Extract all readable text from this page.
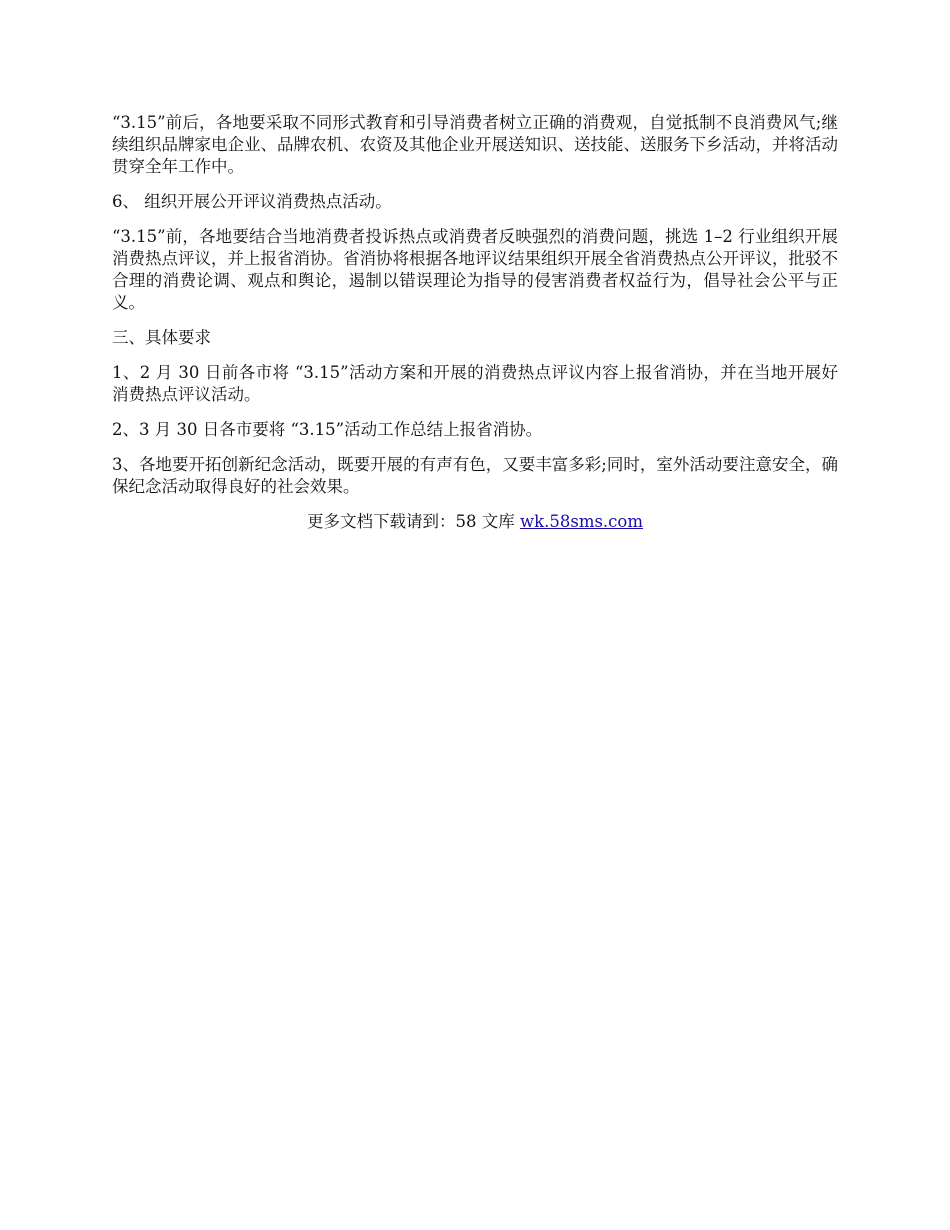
“3.15”前后，各地要采取不同形式教育和引导消费者树立正确的消费观，自觉抵制不良消费风气;继续组织品牌家电企业、品牌农机、农资及其他企业开展送知识、送技能、送服务下乡活动，并将活动贯穿全年工作中。

6、 组织开展公开评议消费热点活动。

“3.15”前，各地要结合当地消费者投诉热点或消费者反映强烈的消费问题，挑选 1–2 行业组织开展消费热点评议，并上报省消协。省消协将根据各地评议结果组织开展全省消费热点公开评议，批驳不合理的消费论调、观点和舆论，遏制以错误理论为指导的侵害消费者权益行为，倡导社会公平与正义。

三、具体要求

1、2 月 30 日前各市将 “3.15”活动方案和开展的消费热点评议内容上报省消协，并在当地开展好消费热点评议活动。

2、3 月 30 日各市要将 “3.15”活动工作总结上报省消协。

3、各地要开拓创新纪念活动，既要开展的有声有色，又要丰富多彩;同时，室外活动要注意安全，确保纪念活动取得良好的社会效果。

更多文档下载请到：58 文库 wk.58sms.com
